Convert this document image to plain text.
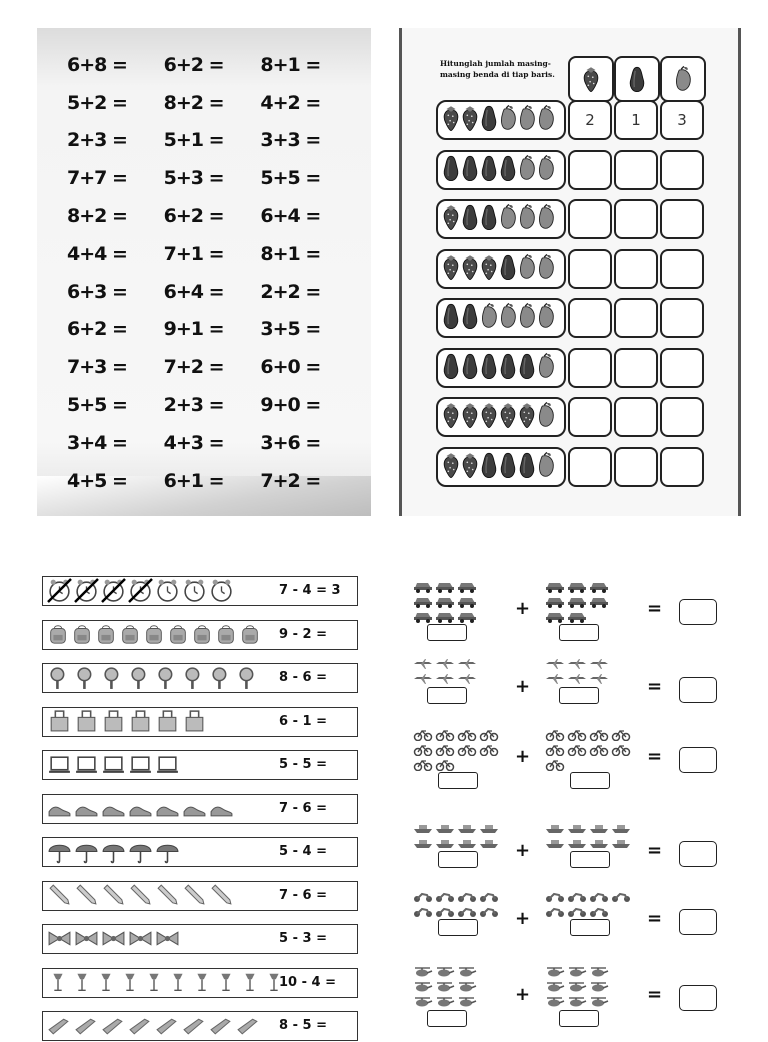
6+8 =	6+2 =	8+1 =
5+2 =	8+2 =	4+2 =
2+3 =	5+1 =	3+3 =
7+7 =	5+3 =	5+5 =
8+2 =	6+2 =	6+4 =
4+4 =	7+1 =	8+1 =
6+3 =	6+4 =	2+2 =
6+2 =	9+1 =	3+5 =
7+3 =	7+2 =	6+0 =
5+5 =	2+3 =	9+0 =
3+4 =	4+3 =	3+6 =
4+5 =	6+1 =	7+2 =
Hitunglah jumlah masing-masing benda di tiap baris.
2	1	3
7 - 4 = 3
9 - 2 =
8 - 6 =
6 - 1 =
5 - 5 =
7 - 6 =
5 - 4 =
7 - 6 =
5 - 3 =
10 - 4 =
8 - 5 =
+	=
+	=
+	=
+	=
+	=
+	=
